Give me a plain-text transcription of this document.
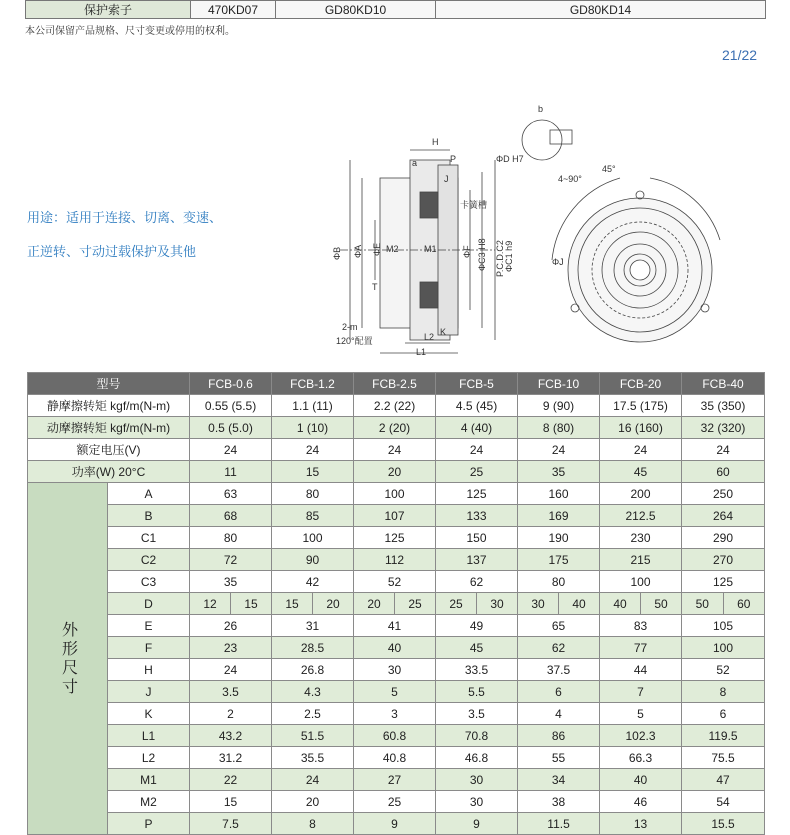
保护索子	470KD07	GD80KD10	GD80KD14
本公司保留产品规格、尺寸变更或停用的权利。
21/22
用途：适用于连接、切离、变速、
正逆转、寸动过载保护及其他	ΦB ΦA ΦE M2	M1	ΦF ΦC3 H8 P.C.D.C2 ΦC1 h9
H
P
a
J
卡簧槽
T
K
L2
L1
2-m
120°配置
b
ΦD H7
4~90°
45°
ΦJ
型号		FCB-0.6	FCB-1.2	FCB-2.5	FCB-5	FCB-10	FCB-20	FCB-40
静摩擦转矩 kgf/m(N-m)		0.55 (5.5)	1.1 (11)	2.2 (22)	4.5 (45)	9 (90)	17.5 (175)	35 (350)
动摩擦转矩 kgf/m(N-m)		0.5 (5.0)	1 (10)	2 (20)	4 (40)	8 (80)	16 (160)	32 (320)
额定电压(V)		24	24	24	24	24	24	24
功率(W) 20°C		11	15	20	25	35	45	60
外形尺寸	A	63	80	100	125	160	200	250
	B	68	85	107	133	169	212.5	264
	C1	80	100	125	150	190	230	290
	C2	72	90	112	137	175	215	270
	C3	35	42	52	62	80	100	125
	D	12 15	15 20	20 25	25 30	30 40	40 50	50 60

	E	26	31	41	49	65	83	105
	F	23	28.5	40	45	62	77	100
	H	24	26.8	30	33.5	37.5	44	52
	J	3.5	4.3	5	5.5	6	7	8
	K	2	2.5	3	3.5	4	5	6
	L1	43.2	51.5	60.8	70.8	86	102.3	119.5
	L2	31.2	35.5	40.8	46.8	55	66.3	75.5
	M1	22	24	27	30	34	40	47
	M2	15	20	25	30	38	46	54
	P	7.5	8	9	9	11.5	13	15.5
